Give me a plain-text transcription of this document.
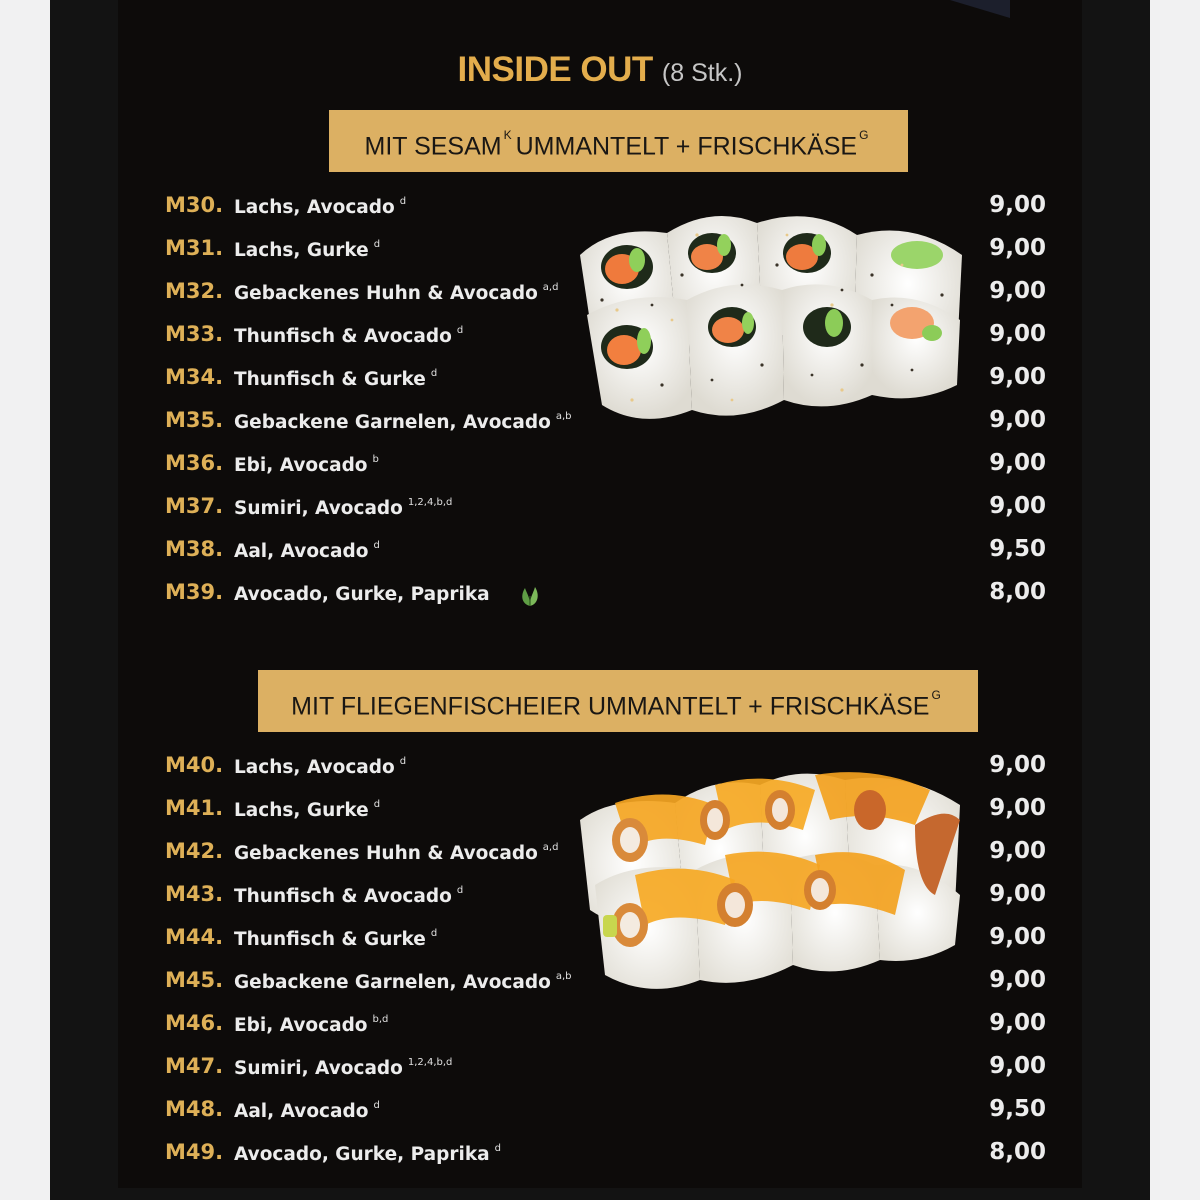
INSIDE OUT (8 Stk.)
MIT SESAM $^K$ UMMANTELT + FRISCHKÄSE $^G$
M30. Lachs, Avocado $^d$	9,00
M31. Lachs, Gurke $^d$	9,00
M32. Gebackenes Huhn & Avocado $^{a,d}$	9,00
M33. Thunfisch & Avocado $^d$	9,00
M34. Thunfisch & Gurke $^d$	9,00
M35. Gebackene Garnelen, Avocado $^{a,b}$	9,00
M36. Ebi, Avocado $^b$	9,00
M37. Sumiri, Avocado $^{1,2,4,b,d}$	9,00
M38. Aal, Avocado $^d$	9,50
M39. Avocado, Gurke, Paprika	8,00
MIT FLIEGENFISCHEIER UMMANTELT + FRISCHKÄSE $^G$
M40. Lachs, Avocado $^d$	9,00
M41. Lachs, Gurke $^d$	9,00
M42. Gebackenes Huhn & Avocado $^{a,d}$	9,00
M43. Thunfisch & Avocado $^d$	9,00
M44. Thunfisch & Gurke $^d$	9,00
M45. Gebackene Garnelen, Avocado $^{a,b}$	9,00
M46. Ebi, Avocado $^{b,d}$	9,00
M47. Sumiri, Avocado $^{1,2,4,b,d}$	9,00
M48. Aal, Avocado $^d$	9,50
M49. Avocado, Gurke, Paprika $^d$	8,00
